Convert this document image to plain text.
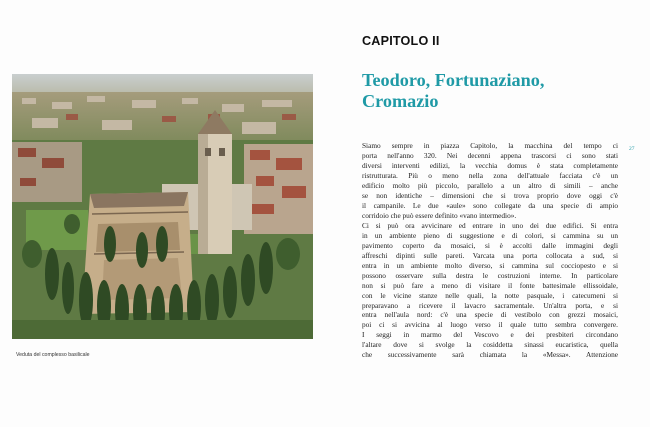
Veduta del complesso basilicale
CAPITOLO II
Teodoro, Fortunaziano,
Cromazio
27
Siamo sempre in piazza Capitolo, la macchina del tempo ci
porta nell'anno 320. Nei decenni appena trascorsi ci sono stati
diversi interventi edilizi, la vecchia domus è stata completamente
ristrutturata. Più o meno nella zona dell'attuale facciata c'è un
edificio molto più piccolo, parallelo a un altro di simili – anche
se non identiche – dimensioni che si trova proprio dove oggi c'è
il campanile. Le due «aule» sono collegate da una specie di ampio
corridoio che può essere definito «vano intermedio».
Ci si può ora avvicinare ed entrare in uno dei due edifici. Si entra
in un ambiente pieno di suggestione e di colori, si cammina su un
pavimento coperto da mosaici, si è accolti dalle immagini degli
affreschi dipinti sulle pareti. Varcata una porta collocata a sud, si
entra in un ambiente molto diverso, si cammina sul cocciopesto e si
possono osservare sulla destra le costruzioni interne. In particolare
non si può fare a meno di visitare il fonte battesimale ellissoidale,
con le vicine stanze nelle quali, la notte pasquale, i catecumeni si
preparavano a ricevere il lavacro sacramentale. Un'altra porta, e si
entra nell'aula nord: c'è una specie di vestibolo con grezzi mosaici,
poi ci si avvicina al luogo verso il quale tutto sembra convergere.
I seggi in marmo del Vescovo e dei presbiteri circondano
l'altare dove si svolge la cosiddetta sinassi eucaristica, quella
che successivamente sarà chiamata la «Messa». Attenzione
